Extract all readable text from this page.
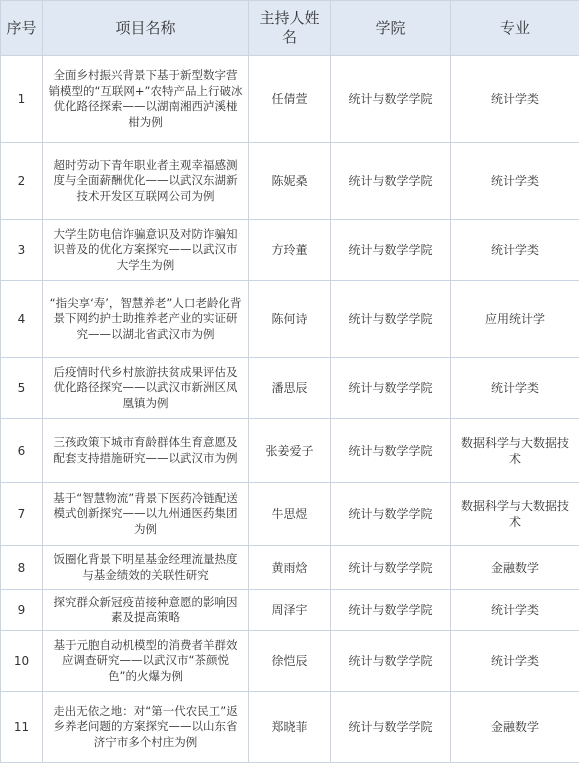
序号	项目名称	主持人姓名	学院	专业
1	全面乡村振兴背景下基于新型数字营销模型的“互联网+”农特产品上行破冰优化路径探索——以湖南湘西泸溪椪柑为例	任倩萱	统计与数学学院	统计学类
2	超时劳动下青年职业者主观幸福感测度与全面薪酬优化——以武汉东湖新技术开发区互联网公司为例	陈妮桑	统计与数学学院	统计学类
3	大学生防电信诈骗意识及对防诈骗知识普及的优化方案探究——以武汉市大学生为例	方玲董	统计与数学学院	统计学类
4	“指尖享‘寿’，智慧养老”人口老龄化背景下网约护士助推养老产业的实证研究——以湖北省武汉市为例	陈何诗	统计与数学学院	应用统计学
5	后疫情时代乡村旅游扶贫成果评估及优化路径探究——以武汉市新洲区凤凰镇为例	潘思辰	统计与数学学院	统计学类
6	三孩政策下城市育龄群体生育意愿及配套支持措施研究——以武汉市为例	张姜爱子	统计与数学学院	数据科学与大数据技术
7	基于“智慧物流”背景下医药冷链配送模式创新探究——以九州通医药集团为例	牛思煜	统计与数学学院	数据科学与大数据技术
8	饭圈化背景下明星基金经理流量热度与基金绩效的关联性研究	黄雨焓	统计与数学学院	金融数学
9	探究群众新冠疫苗接种意愿的影响因素及提高策略	周泽宇	统计与数学学院	统计学类
10	基于元胞自动机模型的消费者羊群效应调查研究——以武汉市“茶颜悦色”的火爆为例	徐恺辰	统计与数学学院	统计学类
11	走出无依之地：对“第一代农民工”返乡养老问题的方案探究——以山东省济宁市多个村庄为例	郑晓菲	统计与数学学院	金融数学
